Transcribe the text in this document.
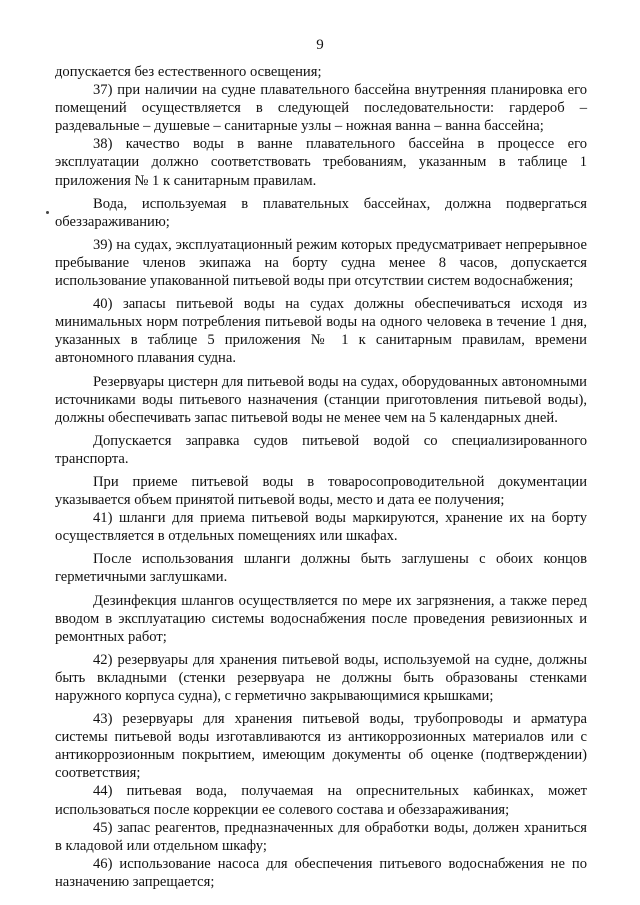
9

допускается без естественного освещения;

37) при наличии на судне плавательного бассейна внутренняя планировка его помещений осуществляется в следующей последовательности: гардероб – раздевальные – душевые – санитарные узлы – ножная ванна – ванна бассейна;

38) качество воды в ванне плавательного бассейна в процессе его эксплуатации должно соответствовать требованиям, указанным в таблице 1 приложения № 1 к санитарным правилам.

Вода, используемая в плавательных бассейнах, должна подвергаться обеззараживанию;

39) на судах, эксплуатационный режим которых предусматривает непрерывное пребывание членов экипажа на борту судна менее 8 часов, допускается использование упакованной питьевой воды при отсутствии систем водоснабжения;

40) запасы питьевой воды на судах должны обеспечиваться исходя из минимальных норм потребления питьевой воды на одного человека в течение 1 дня, указанных в таблице 5 приложения № 1 к санитарным правилам, времени автономного плавания судна.

Резервуары цистерн для питьевой воды на судах, оборудованных автономными источниками воды питьевого назначения (станции приготовления питьевой воды), должны обеспечивать запас питьевой воды не менее чем на 5 календарных дней.

Допускается заправка судов питьевой водой со специализированного транспорта.

При приеме питьевой воды в товаросопроводительной документации указывается объем принятой питьевой воды, место и дата ее получения;

41) шланги для приема питьевой воды маркируются, хранение их на борту осуществляется в отдельных помещениях или шкафах.

После использования шланги должны быть заглушены с обоих концов герметичными заглушками.

Дезинфекция шлангов осуществляется по мере их загрязнения, а также перед вводом в эксплуатацию системы водоснабжения после проведения ревизионных и ремонтных работ;

42) резервуары для хранения питьевой воды, используемой на судне, должны быть вкладными (стенки резервуара не должны быть образованы стенками наружного корпуса судна), с герметично закрывающимися крышками;

43) резервуары для хранения питьевой воды, трубопроводы и арматура системы питьевой воды изготавливаются из антикоррозионных материалов или с антикоррозионным покрытием, имеющим документы об оценке (подтверждении) соответствия;

44) питьевая вода, получаемая на опреснительных кабинках, может использоваться после коррекции ее солевого состава и обеззараживания;

45) запас реагентов, предназначенных для обработки воды, должен храниться в кладовой или отдельном шкафу;

46) использование насоса для обеспечения питьевого водоснабжения не по назначению запрещается;
